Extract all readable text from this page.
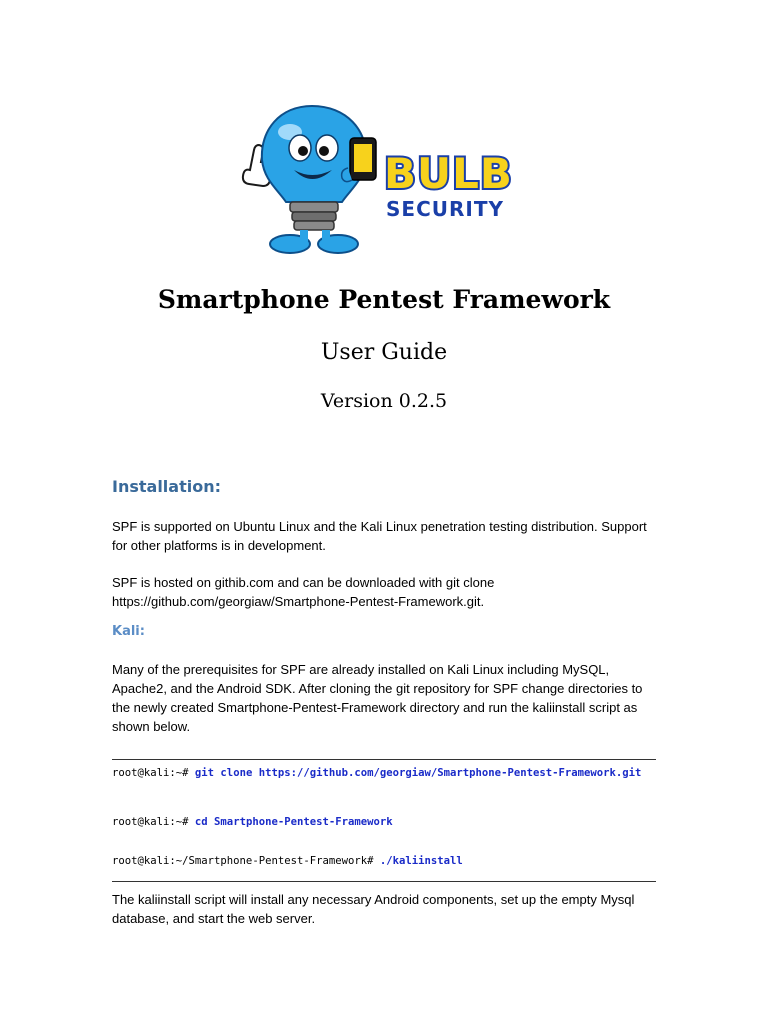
BULB
SECURITY
Smartphone Pentest Framework
User Guide
Version 0.2.5
Installation:
SPF is supported on Ubuntu Linux and the Kali Linux penetration testing distribution. Support for other platforms is in development.
SPF is hosted on githib.com and can be downloaded with git clone https://github.com/georgiaw/Smartphone-Pentest-Framework.git.
Kali:
Many of the prerequisites for SPF are already installed on Kali Linux including MySQL, Apache2, and the Android SDK. After cloning the git repository for SPF change directories to the newly created Smartphone-Pentest-Framework directory and run the kaliinstall script as shown below.
root@kali:~# git clone https://github.com/georgiaw/Smartphone-Pentest-Framework.git
root@kali:~# cd Smartphone-Pentest-Framework
root@kali:~/Smartphone-Pentest-Framework# ./kaliinstall
The kaliinstall script will install any necessary Android components, set up the empty Mysql database, and start the web server.
